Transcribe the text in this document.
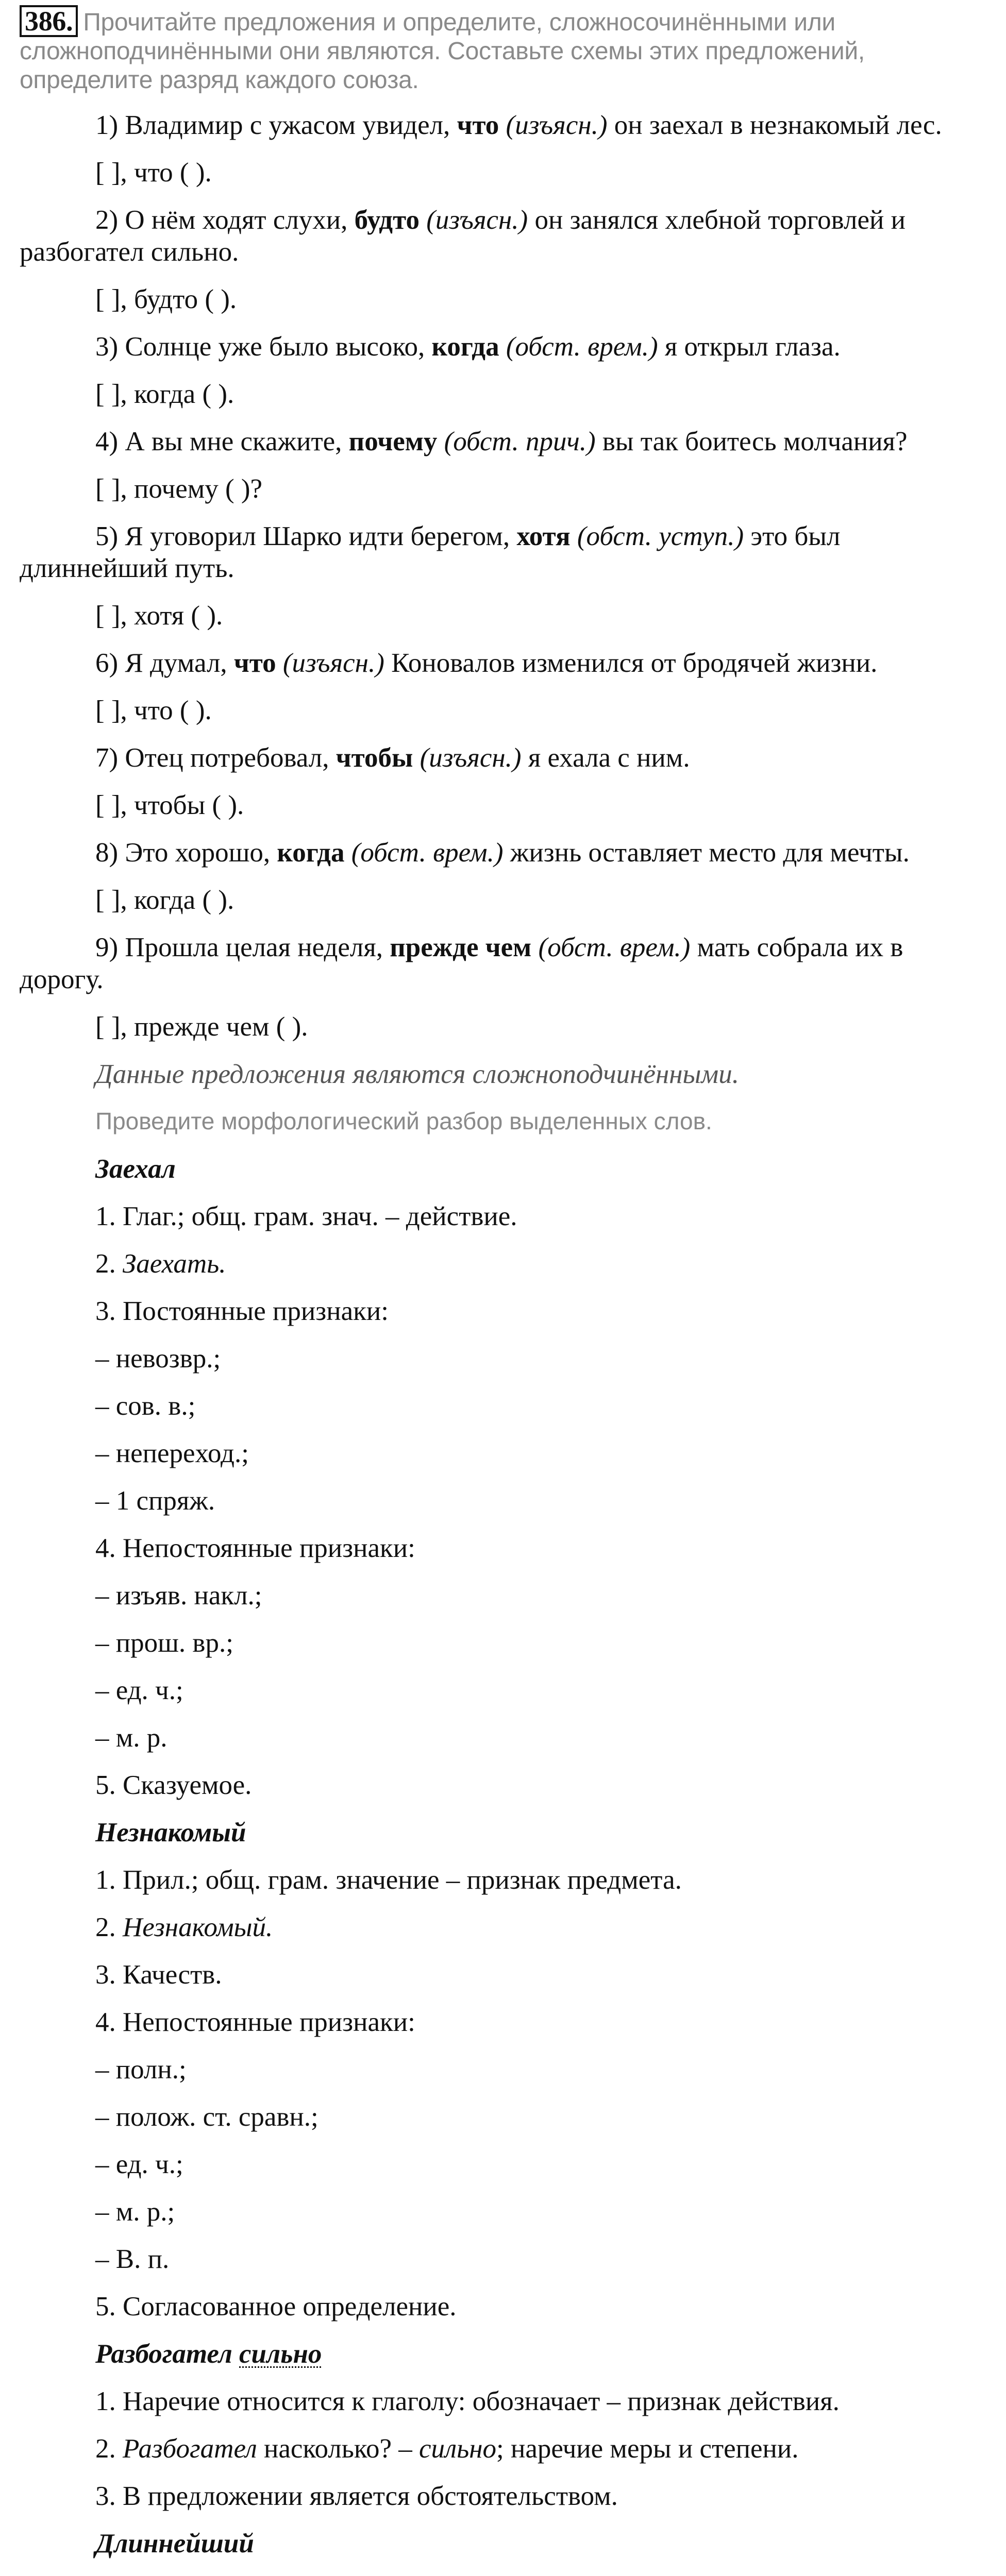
386. Прочитайте предложения и определите, сложносочинёнными или сложноподчинёнными они являются. Составьте схемы этих предложений, определите разряд каждого союза.

1) Владимир с ужасом увидел, что (изъясн.) он заехал в незнакомый лес.

[ ], что ( ).

2) О нём ходят слухи, будто (изъясн.) он занялся хлебной торговлей и разбогател сильно.

[ ], будто ( ).

3) Солнце уже было высоко, когда (обст. врем.) я открыл глаза.

[ ], когда ( ).

4) А вы мне скажите, почему (обст. прич.) вы так боитесь молчания?

[ ], почему ( )?

5) Я уговорил Шарко идти берегом, хотя (обст. уступ.) это был длиннейший путь.

[ ], хотя ( ).

6) Я думал, что (изъясн.) Коновалов изменился от бродячей жизни.

[ ], что ( ).

7) Отец потребовал, чтобы (изъясн.) я ехала с ним.

[ ], чтобы ( ).

8) Это хорошо, когда (обст. врем.) жизнь оставляет место для мечты.

[ ], когда ( ).

9) Прошла целая неделя, прежде чем (обст. врем.) мать собрала их в дорогу.

[ ], прежде чем ( ).

Данные предложения являются сложноподчинёнными.

Проведите морфологический разбор выделенных слов.

Заехал

1. Глаг.; общ. грам. знач. – действие.

2. Заехать.

3. Постоянные признаки:

– невозвр.;

– сов. в.;

– неперeход.;

– 1 спряж.

4. Непостоянные признаки:

– изъяв. накл.;

– прош. вр.;

– ед. ч.;

– м. р.

5. Сказуемое.

Незнакомый

1. Прил.; общ. грам. значение – признак предмета.

2. Незнакомый.

3. Качеств.

4. Непостоянные признаки:

– полн.;

– полож. ст. сравн.;

– ед. ч.;

– м. р.;

– В. п.

5. Согласованное определение.

Разбогател сильно

1. Наречие относится к глаголу: обозначает – признак действия.

2. Разбогател насколько? – сильно; наречие меры и степени.

3. В предложении является обстоятельством.

Длиннейший
